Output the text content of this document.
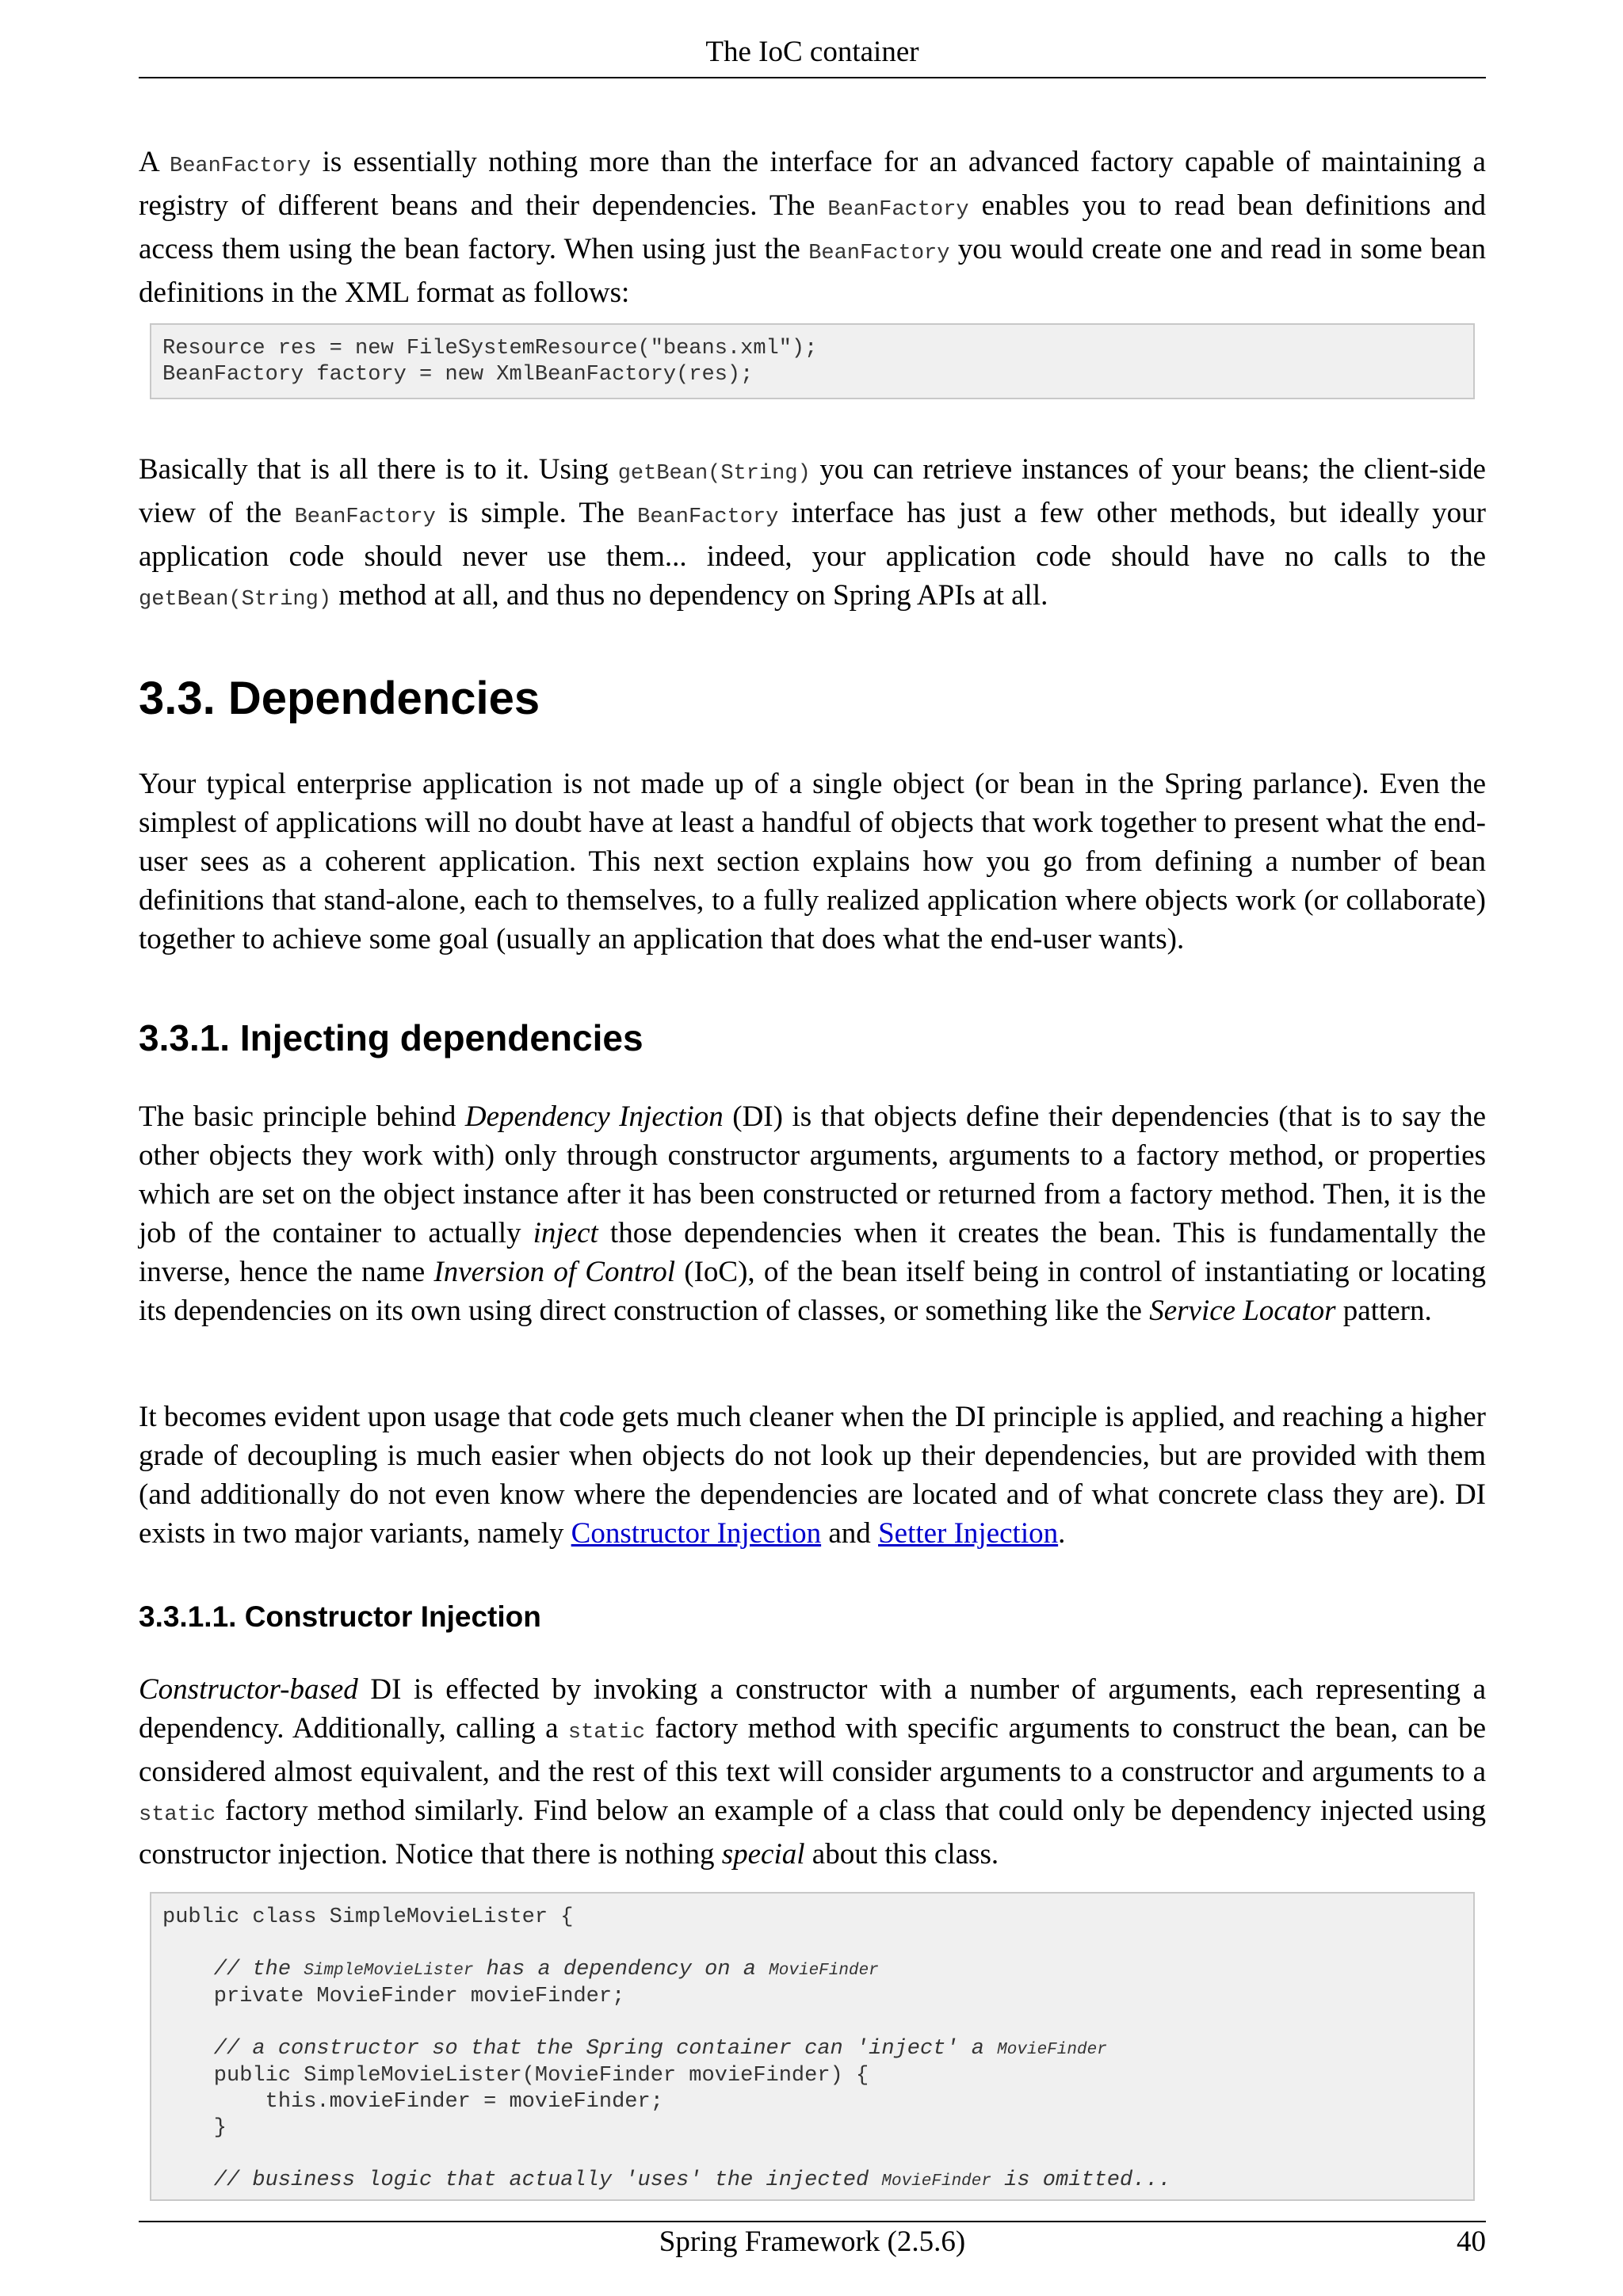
The IoC container

A BeanFactory is essentially nothing more than the interface for an advanced factory capable of maintaining a registry of different beans and their dependencies. The BeanFactory enables you to read bean definitions and access them using the bean factory. When using just the BeanFactory you would create one and read in some bean definitions in the XML format as follows:

Resource res = new FileSystemResource("beans.xml");
BeanFactory factory = new XmlBeanFactory(res);

Basically that is all there is to it. Using getBean(String) you can retrieve instances of your beans; the client-side view of the BeanFactory is simple. The BeanFactory interface has just a few other methods, but ideally your application code should never use them... indeed, your application code should have no calls to the getBean(String) method at all, and thus no dependency on Spring APIs at all.

3.3. Dependencies

Your typical enterprise application is not made up of a single object (or bean in the Spring parlance). Even the simplest of applications will no doubt have at least a handful of objects that work together to present what the end-user sees as a coherent application. This next section explains how you go from defining a number of bean definitions that stand-alone, each to themselves, to a fully realized application where objects work (or collaborate) together to achieve some goal (usually an application that does what the end-user wants).

3.3.1. Injecting dependencies

The basic principle behind Dependency Injection (DI) is that objects define their dependencies (that is to say the other objects they work with) only through constructor arguments, arguments to a factory method, or properties which are set on the object instance after it has been constructed or returned from a factory method. Then, it is the job of the container to actually inject those dependencies when it creates the bean. This is fundamentally the inverse, hence the name Inversion of Control (IoC), of the bean itself being in control of instantiating or locating its dependencies on its own using direct construction of classes, or something like the Service Locator pattern.

It becomes evident upon usage that code gets much cleaner when the DI principle is applied, and reaching a higher grade of decoupling is much easier when objects do not look up their dependencies, but are provided with them (and additionally do not even know where the dependencies are located and of what concrete class they are). DI exists in two major variants, namely Constructor Injection and Setter Injection.

3.3.1.1. Constructor Injection

Constructor-based DI is effected by invoking a constructor with a number of arguments, each representing a dependency. Additionally, calling a static factory method with specific arguments to construct the bean, can be considered almost equivalent, and the rest of this text will consider arguments to a constructor and arguments to a static factory method similarly. Find below an example of a class that could only be dependency injected using constructor injection. Notice that there is nothing special about this class.

public class SimpleMovieLister {

// the SimpleMovieLister has a dependency on a MovieFinder
private MovieFinder movieFinder;

// a constructor so that the Spring container can 'inject' a MovieFinder
public SimpleMovieLister(MovieFinder movieFinder) {
this.movieFinder = movieFinder;
}

// business logic that actually 'uses' the injected MovieFinder is omitted...
Spring Framework (2.5.6)	40
